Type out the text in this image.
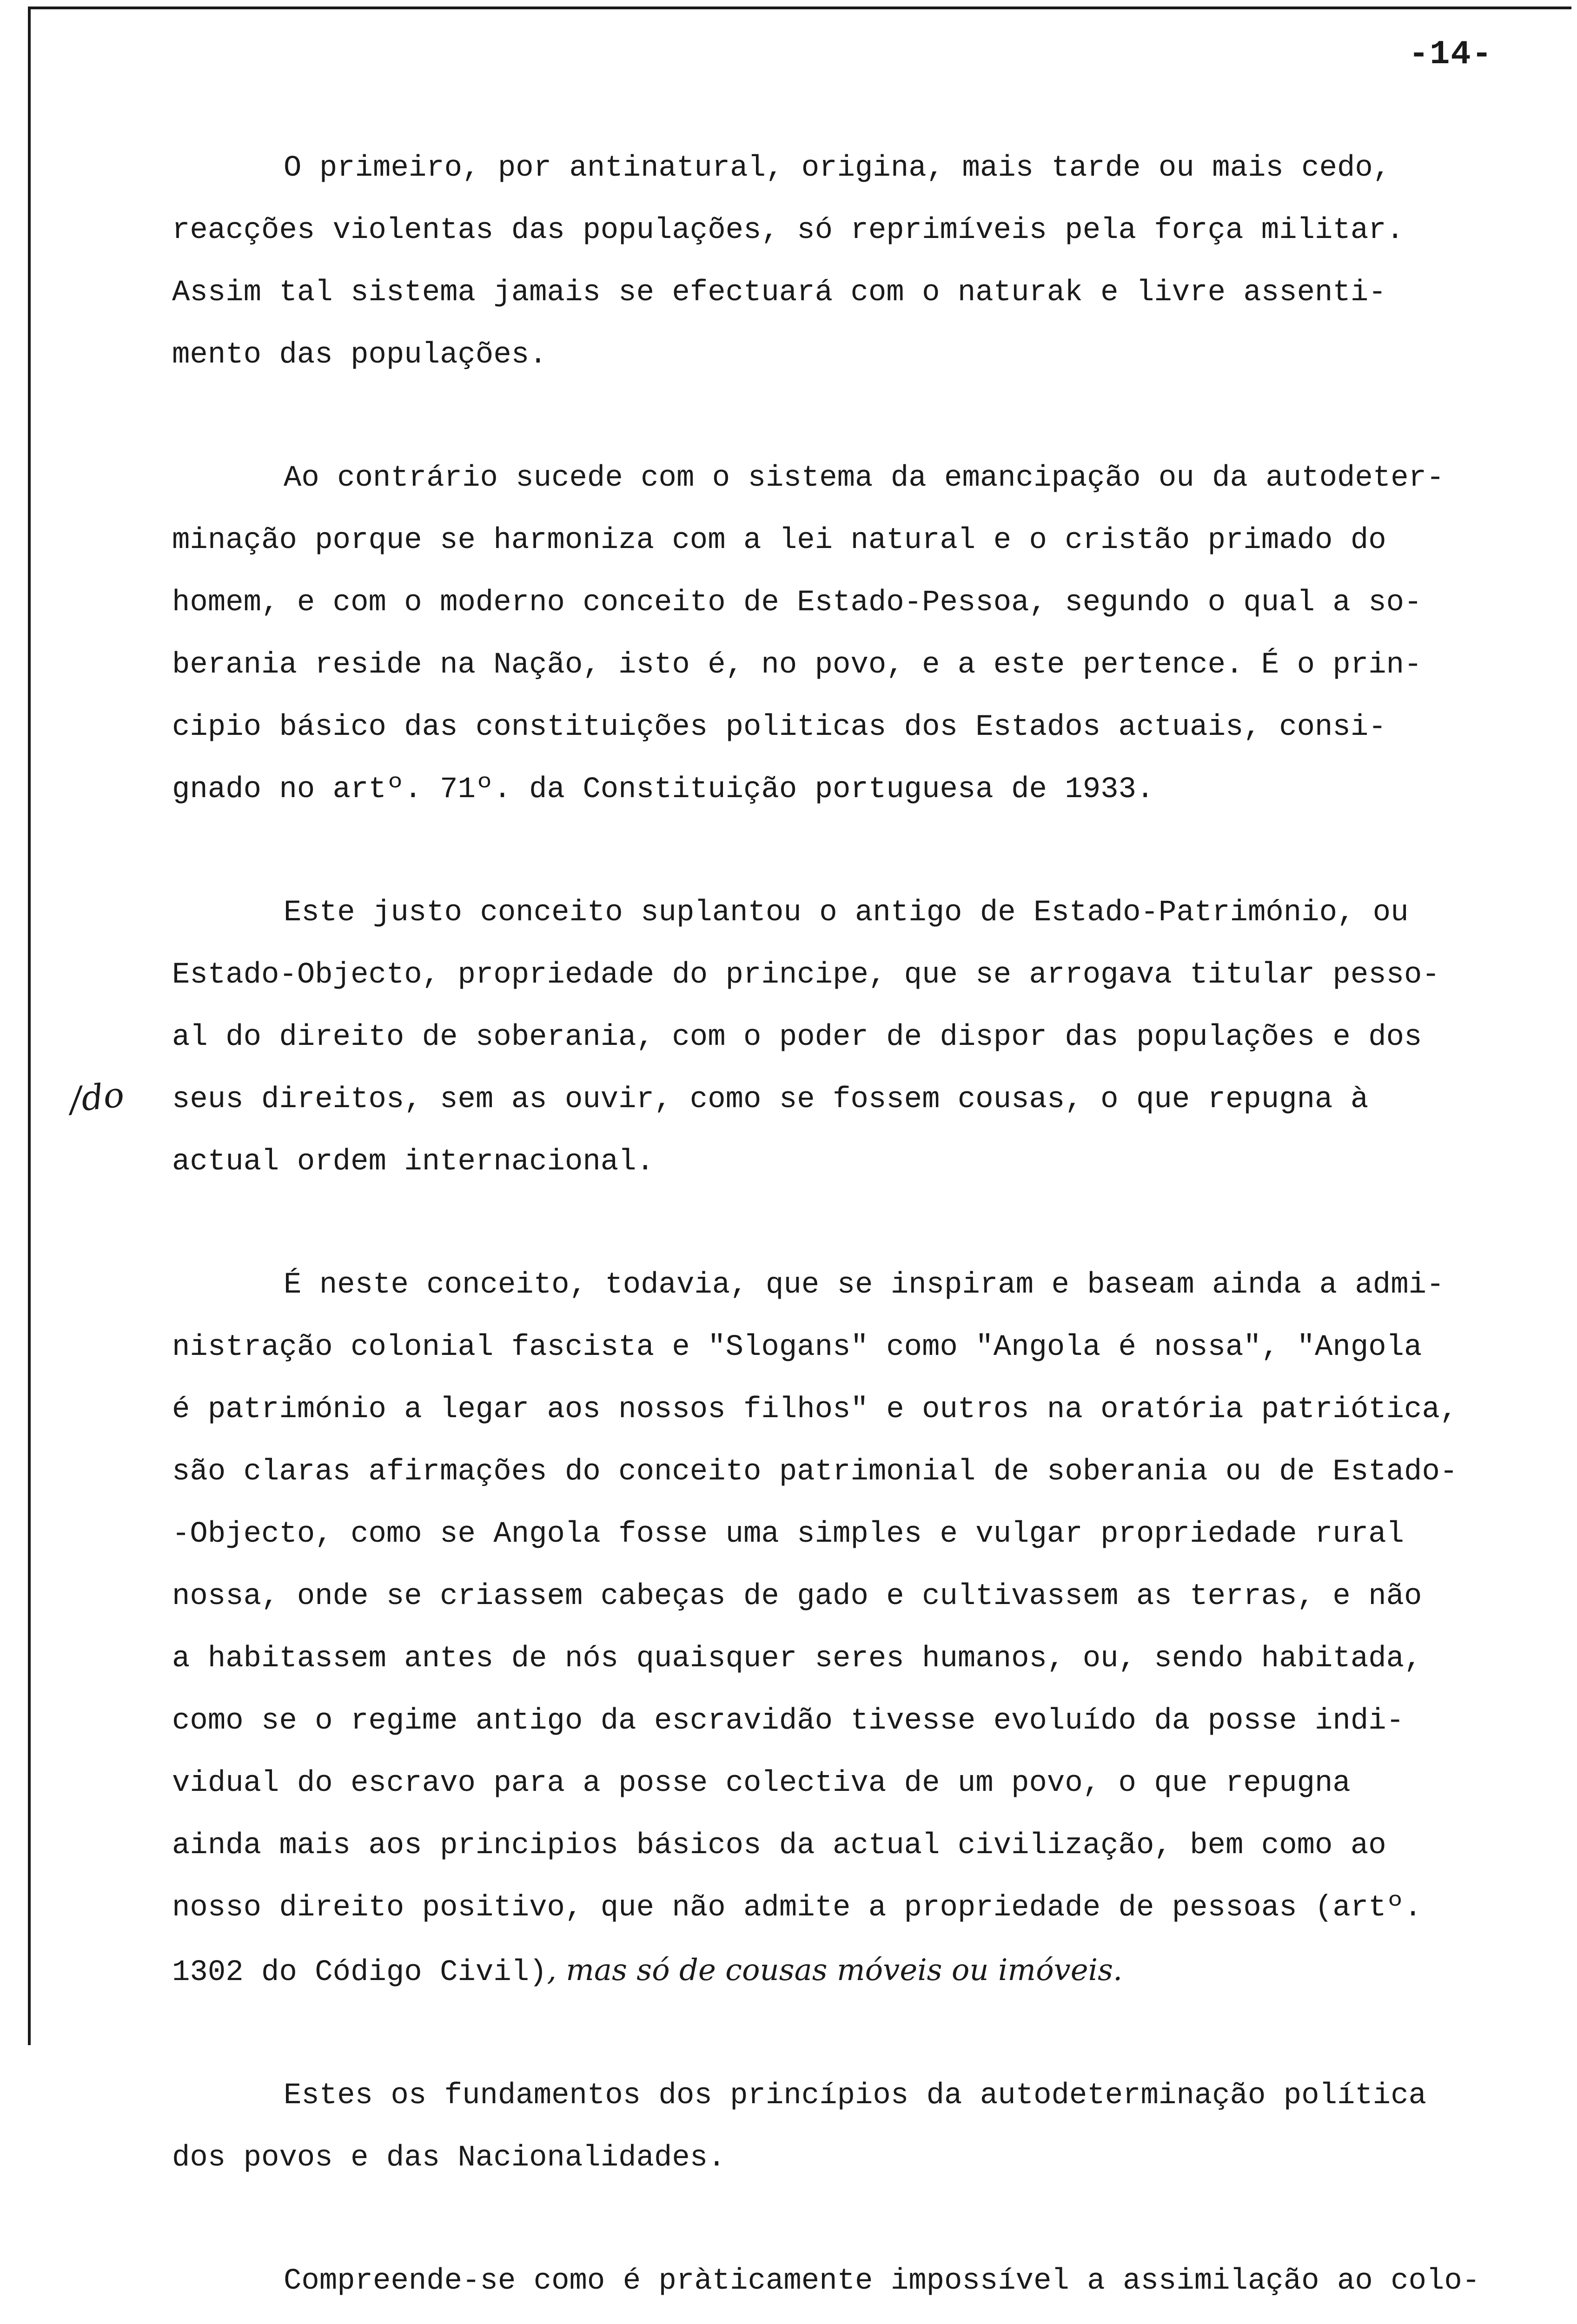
-14-
/do

O primeiro, por antinatural, origina, mais tarde ou mais cedo,

reacções violentas das populações, só reprimíveis pela força militar.

Assim tal sistema jamais se efectuará com o naturak e livre assenti-

mento das populações.

Ao contrário sucede com o sistema da emancipação ou da autodeter-

minação porque se harmoniza com a lei natural e o cristão primado do

homem, e com o moderno conceito de Estado-Pessoa, segundo o qual a so-

berania reside na Nação, isto é, no povo, e a este pertence. É o prin-

cipio básico das constituições politicas dos Estados actuais, consi-

gnado no artº. 71º. da Constituição portuguesa de 1933.

Este justo conceito suplantou o antigo de Estado-Património, ou

Estado-Objecto, propriedade do principe, que se arrogava titular pesso-

al do direito de soberania, com o poder de dispor das populações e dos

seus direitos, sem as ouvir, como se fossem cousas, o que repugna à

actual ordem internacional.

É neste conceito, todavia, que se inspiram e baseam ainda a admi-

nistração colonial fascista e "Slogans" como "Angola é nossa", "Angola

é património a legar aos nossos filhos" e outros na oratória patriótica,

são claras afirmações do conceito patrimonial de soberania ou de Estado-

-Objecto, como se Angola fosse uma simples e vulgar propriedade rural

nossa, onde se criassem cabeças de gado e cultivassem as terras, e não

a habitassem antes de nós quaisquer seres humanos, ou, sendo habitada,

como se o regime antigo da escravidão tivesse evoluído da posse indi-

vidual do escravo para a posse colectiva de um povo, o que repugna

ainda mais aos principios básicos da actual civilização, bem como ao

nosso direito positivo, que não admite a propriedade de pessoas (artº.

1302 do Código Civil), mas só de cousas móveis ou imóveis.

Estes os fundamentos dos princípios da autodeterminação política

dos povos e das Nacionalidades.

Compreende-se como é pràticamente impossível a assimilação ao colo-
